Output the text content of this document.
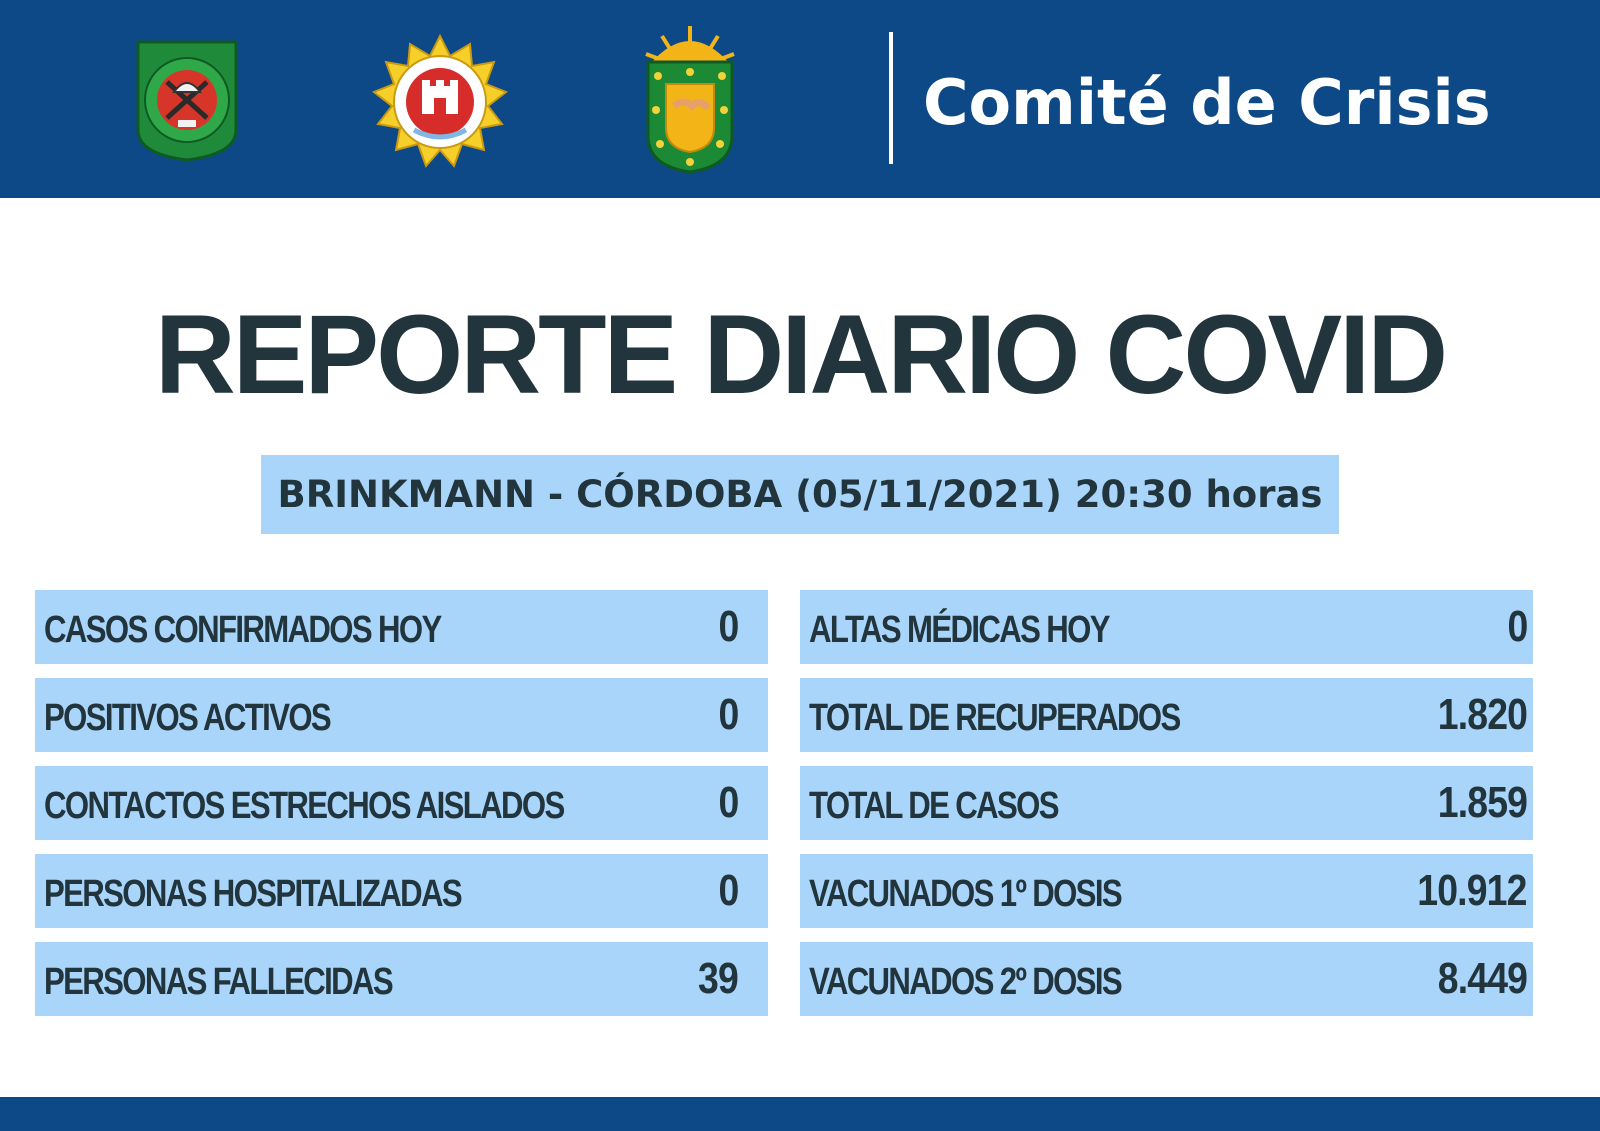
Comité de Crisis
REPORTE DIARIO COVID
BRINKMANN - CÓRDOBA (05/11/2021) 20:30 horas
CASOS CONFIRMADOS HOY	0
POSITIVOS ACTIVOS	0
CONTACTOS ESTRECHOS AISLADOS	0
PERSONAS HOSPITALIZADAS	0
PERSONAS FALLECIDAS	39
ALTAS MÉDICAS HOY	0
TOTAL DE RECUPERADOS	1.820
TOTAL DE CASOS	1.859
VACUNADOS 1º DOSIS	10.912
VACUNADOS 2º DOSIS	8.449
